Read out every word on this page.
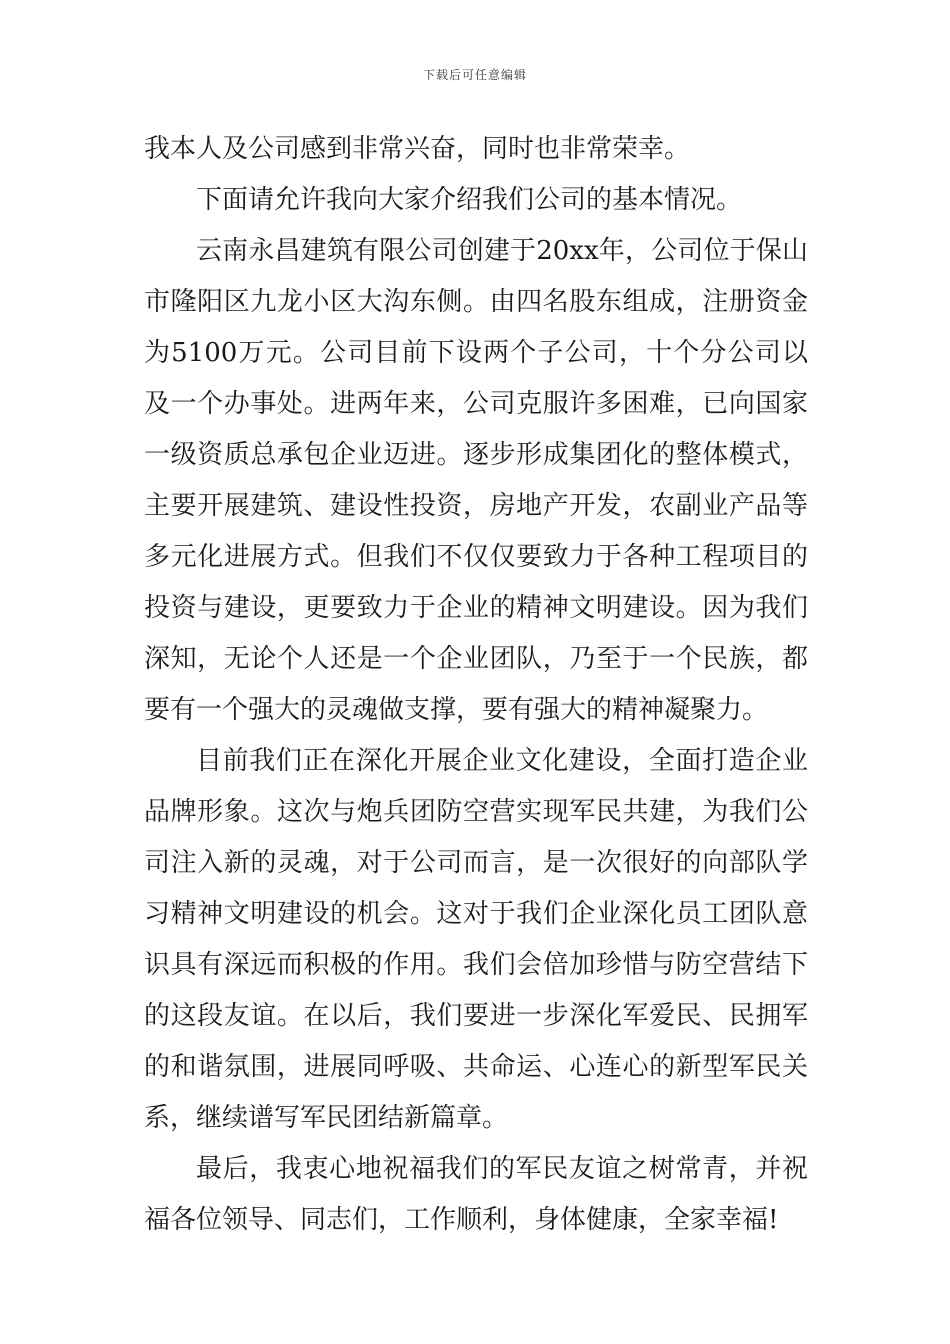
下载后可任意编辑

我本人及公司感到非常兴奋，同时也非常荣幸。

下面请允许我向大家介绍我们公司的基本情况。

云南永昌建筑有限公司创建于20xx年，公司位于保山市隆阳区九龙小区大沟东侧。由四名股东组成，注册资金为5100万元。公司目前下设两个子公司，十个分公司以及一个办事处。进两年来，公司克服许多困难，已向国家一级资质总承包企业迈进。逐步形成集团化的整体模式，主要开展建筑、建设性投资，房地产开发，农副业产品等多元化进展方式。但我们不仅仅要致力于各种工程项目的投资与建设，更要致力于企业的精神文明建设。因为我们深知，无论个人还是一个企业团队，乃至于一个民族，都要有一个强大的灵魂做支撑，要有强大的精神凝聚力。

目前我们正在深化开展企业文化建设，全面打造企业品牌形象。这次与炮兵团防空营实现军民共建，为我们公司注入新的灵魂，对于公司而言，是一次很好的向部队学习精神文明建设的机会。这对于我们企业深化员工团队意识具有深远而积极的作用。我们会倍加珍惜与防空营结下的这段友谊。在以后，我们要进一步深化军爱民、民拥军的和谐氛围，进展同呼吸、共命运、心连心的新型军民关系，继续谱写军民团结新篇章。

最后，我衷心地祝福我们的军民友谊之树常青，并祝福各位领导、同志们，工作顺利，身体健康，全家幸福!
